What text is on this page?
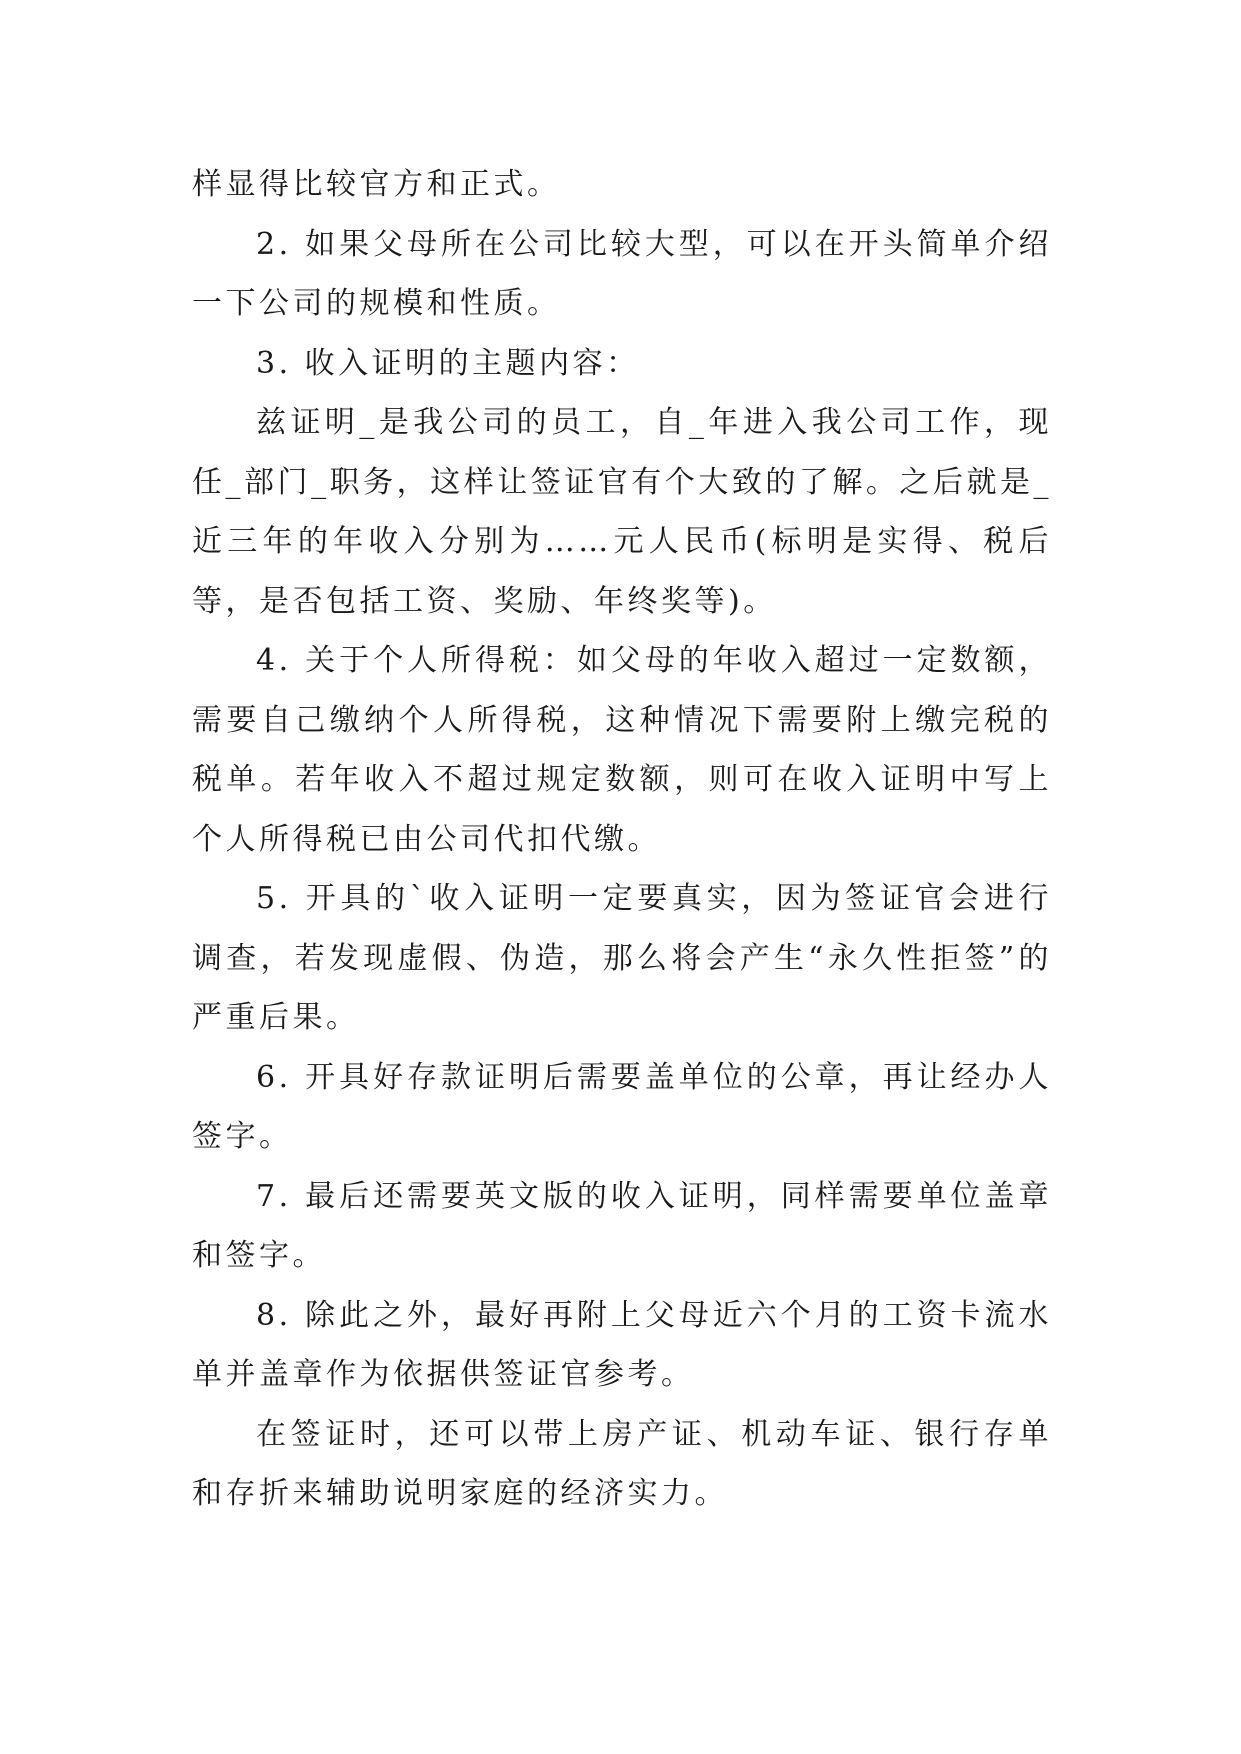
样显得比较官方和正式。

2. 如果父母所在公司比较大型，可以在开头简单介绍一下公司的规模和性质。

3. 收入证明的主题内容：

兹证明_是我公司的员工，自_年进入我公司工作，现任_部门_职务，这样让签证官有个大致的了解。之后就是_近三年的年收入分别为……元人民币(标明是实得、税后等，是否包括工资、奖励、年终奖等)。

4. 关于个人所得税：如父母的年收入超过一定数额，需要自己缴纳个人所得税，这种情况下需要附上缴完税的税单。若年收入不超过规定数额，则可在收入证明中写上个人所得税已由公司代扣代缴。

5. 开具的`收入证明一定要真实，因为签证官会进行调查，若发现虚假、伪造，那么将会产生“永久性拒签”的严重后果。

6. 开具好存款证明后需要盖单位的公章，再让经办人签字。

7. 最后还需要英文版的收入证明，同样需要单位盖章和签字。

8. 除此之外，最好再附上父母近六个月的工资卡流水单并盖章作为依据供签证官参考。

在签证时，还可以带上房产证、机动车证、银行存单和存折来辅助说明家庭的经济实力。
